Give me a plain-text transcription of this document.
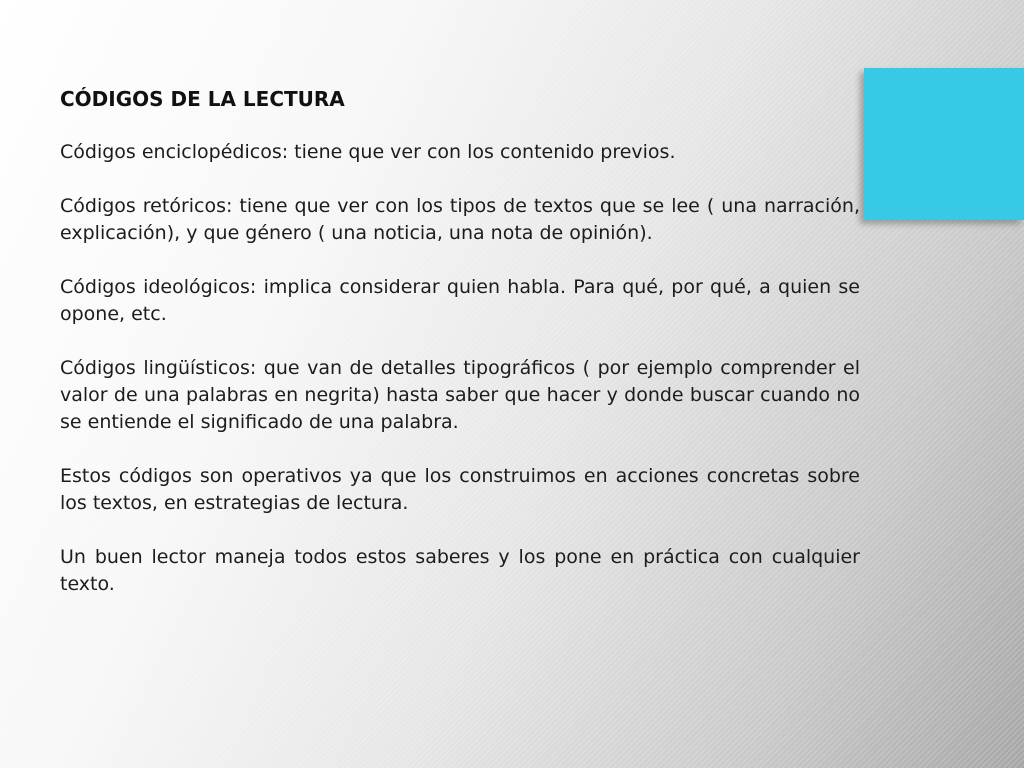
CÓDIGOS DE LA LECTURA

Códigos enciclopédicos: tiene que ver con los contenido previos.

Códigos retóricos: tiene que ver con los tipos de textos que se lee ( una narración, explicación), y que género ( una noticia, una nota de opinión).

Códigos ideológicos: implica considerar quien habla. Para qué, por qué, a quien se opone, etc.

Códigos lingüísticos: que van de detalles tipográficos ( por ejemplo comprender el valor de una palabras en negrita) hasta saber que hacer y donde buscar cuando no se entiende el significado de una palabra.

Estos códigos son operativos ya que los construimos en acciones concretas sobre los textos, en estrategias de lectura.

Un buen lector maneja todos estos saberes y los pone en práctica con cualquier texto.
